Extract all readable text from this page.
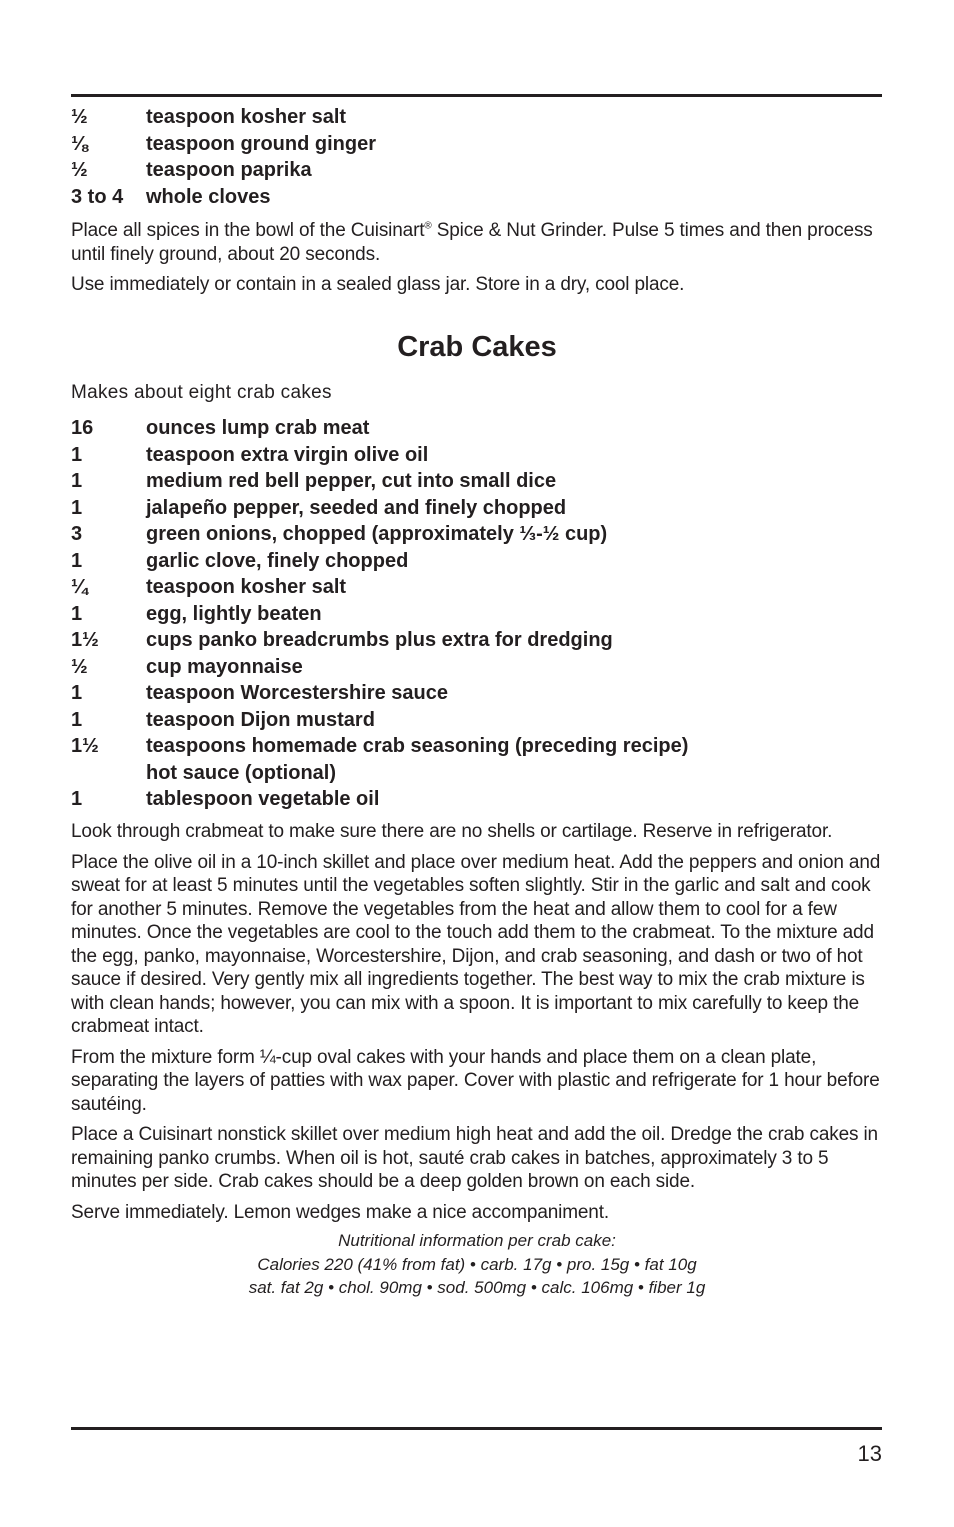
½	teaspoon kosher salt
⅛	teaspoon ground ginger
½	teaspoon paprika
3 to 4	whole cloves

Place all spices in the bowl of the Cuisinart® Spice & Nut Grinder. Pulse 5 times and then process until finely ground, about 20 seconds.

Use immediately or contain in a sealed glass jar. Store in a dry, cool place.

Crab Cakes
Makes about eight crab cakes
16	ounces lump crab meat
1	teaspoon extra virgin olive oil
1	medium red bell pepper, cut into small dice
1	jalapeño pepper, seeded and finely chopped
3	green onions, chopped (approximately ⅓-½ cup)
1	garlic clove, finely chopped
¼	teaspoon kosher salt
1	egg, lightly beaten
1½	cups panko breadcrumbs plus extra for dredging
½	cup mayonnaise
1	teaspoon Worcestershire sauce
1	teaspoon Dijon mustard
1½	teaspoons homemade crab seasoning (preceding recipe)
hot sauce (optional)
1	tablespoon vegetable oil

Look through crabmeat to make sure there are no shells or cartilage. Reserve in refrigerator.

Place the olive oil in a 10-inch skillet and place over medium heat. Add the peppers and onion and sweat for at least 5 minutes until the vegetables soften slightly. Stir in the garlic and salt and cook for another 5 minutes. Remove the vegetables from the heat and allow them to cool for a few minutes. Once the vegetables are cool to the touch add them to the crabmeat. To the mixture add the egg, panko, mayonnaise, Worcestershire, Dijon, and crab seasoning, and dash or two of hot sauce if desired. Very gently mix all ingredients together. The best way to mix the crab mixture is with clean hands; however, you can mix with a spoon. It is important to mix carefully to keep the crabmeat intact.

From the mixture form ¼-cup oval cakes with your hands and place them on a clean plate, separating the layers of patties with wax paper. Cover with plastic and refrigerate for 1 hour before sautéing.

Place a Cuisinart nonstick skillet over medium high heat and add the oil. Dredge the crab cakes in remaining panko crumbs. When oil is hot, sauté crab cakes in batches, approximately 3 to 5 minutes per side. Crab cakes should be a deep golden brown on each side.

Serve immediately. Lemon wedges make a nice accompaniment.

Nutritional information per crab cake:
Calories 220 (41% from fat) • carb. 17g • pro. 15g • fat 10g
sat. fat 2g • chol. 90mg • sod. 500mg • calc. 106mg • fiber 1g
13
